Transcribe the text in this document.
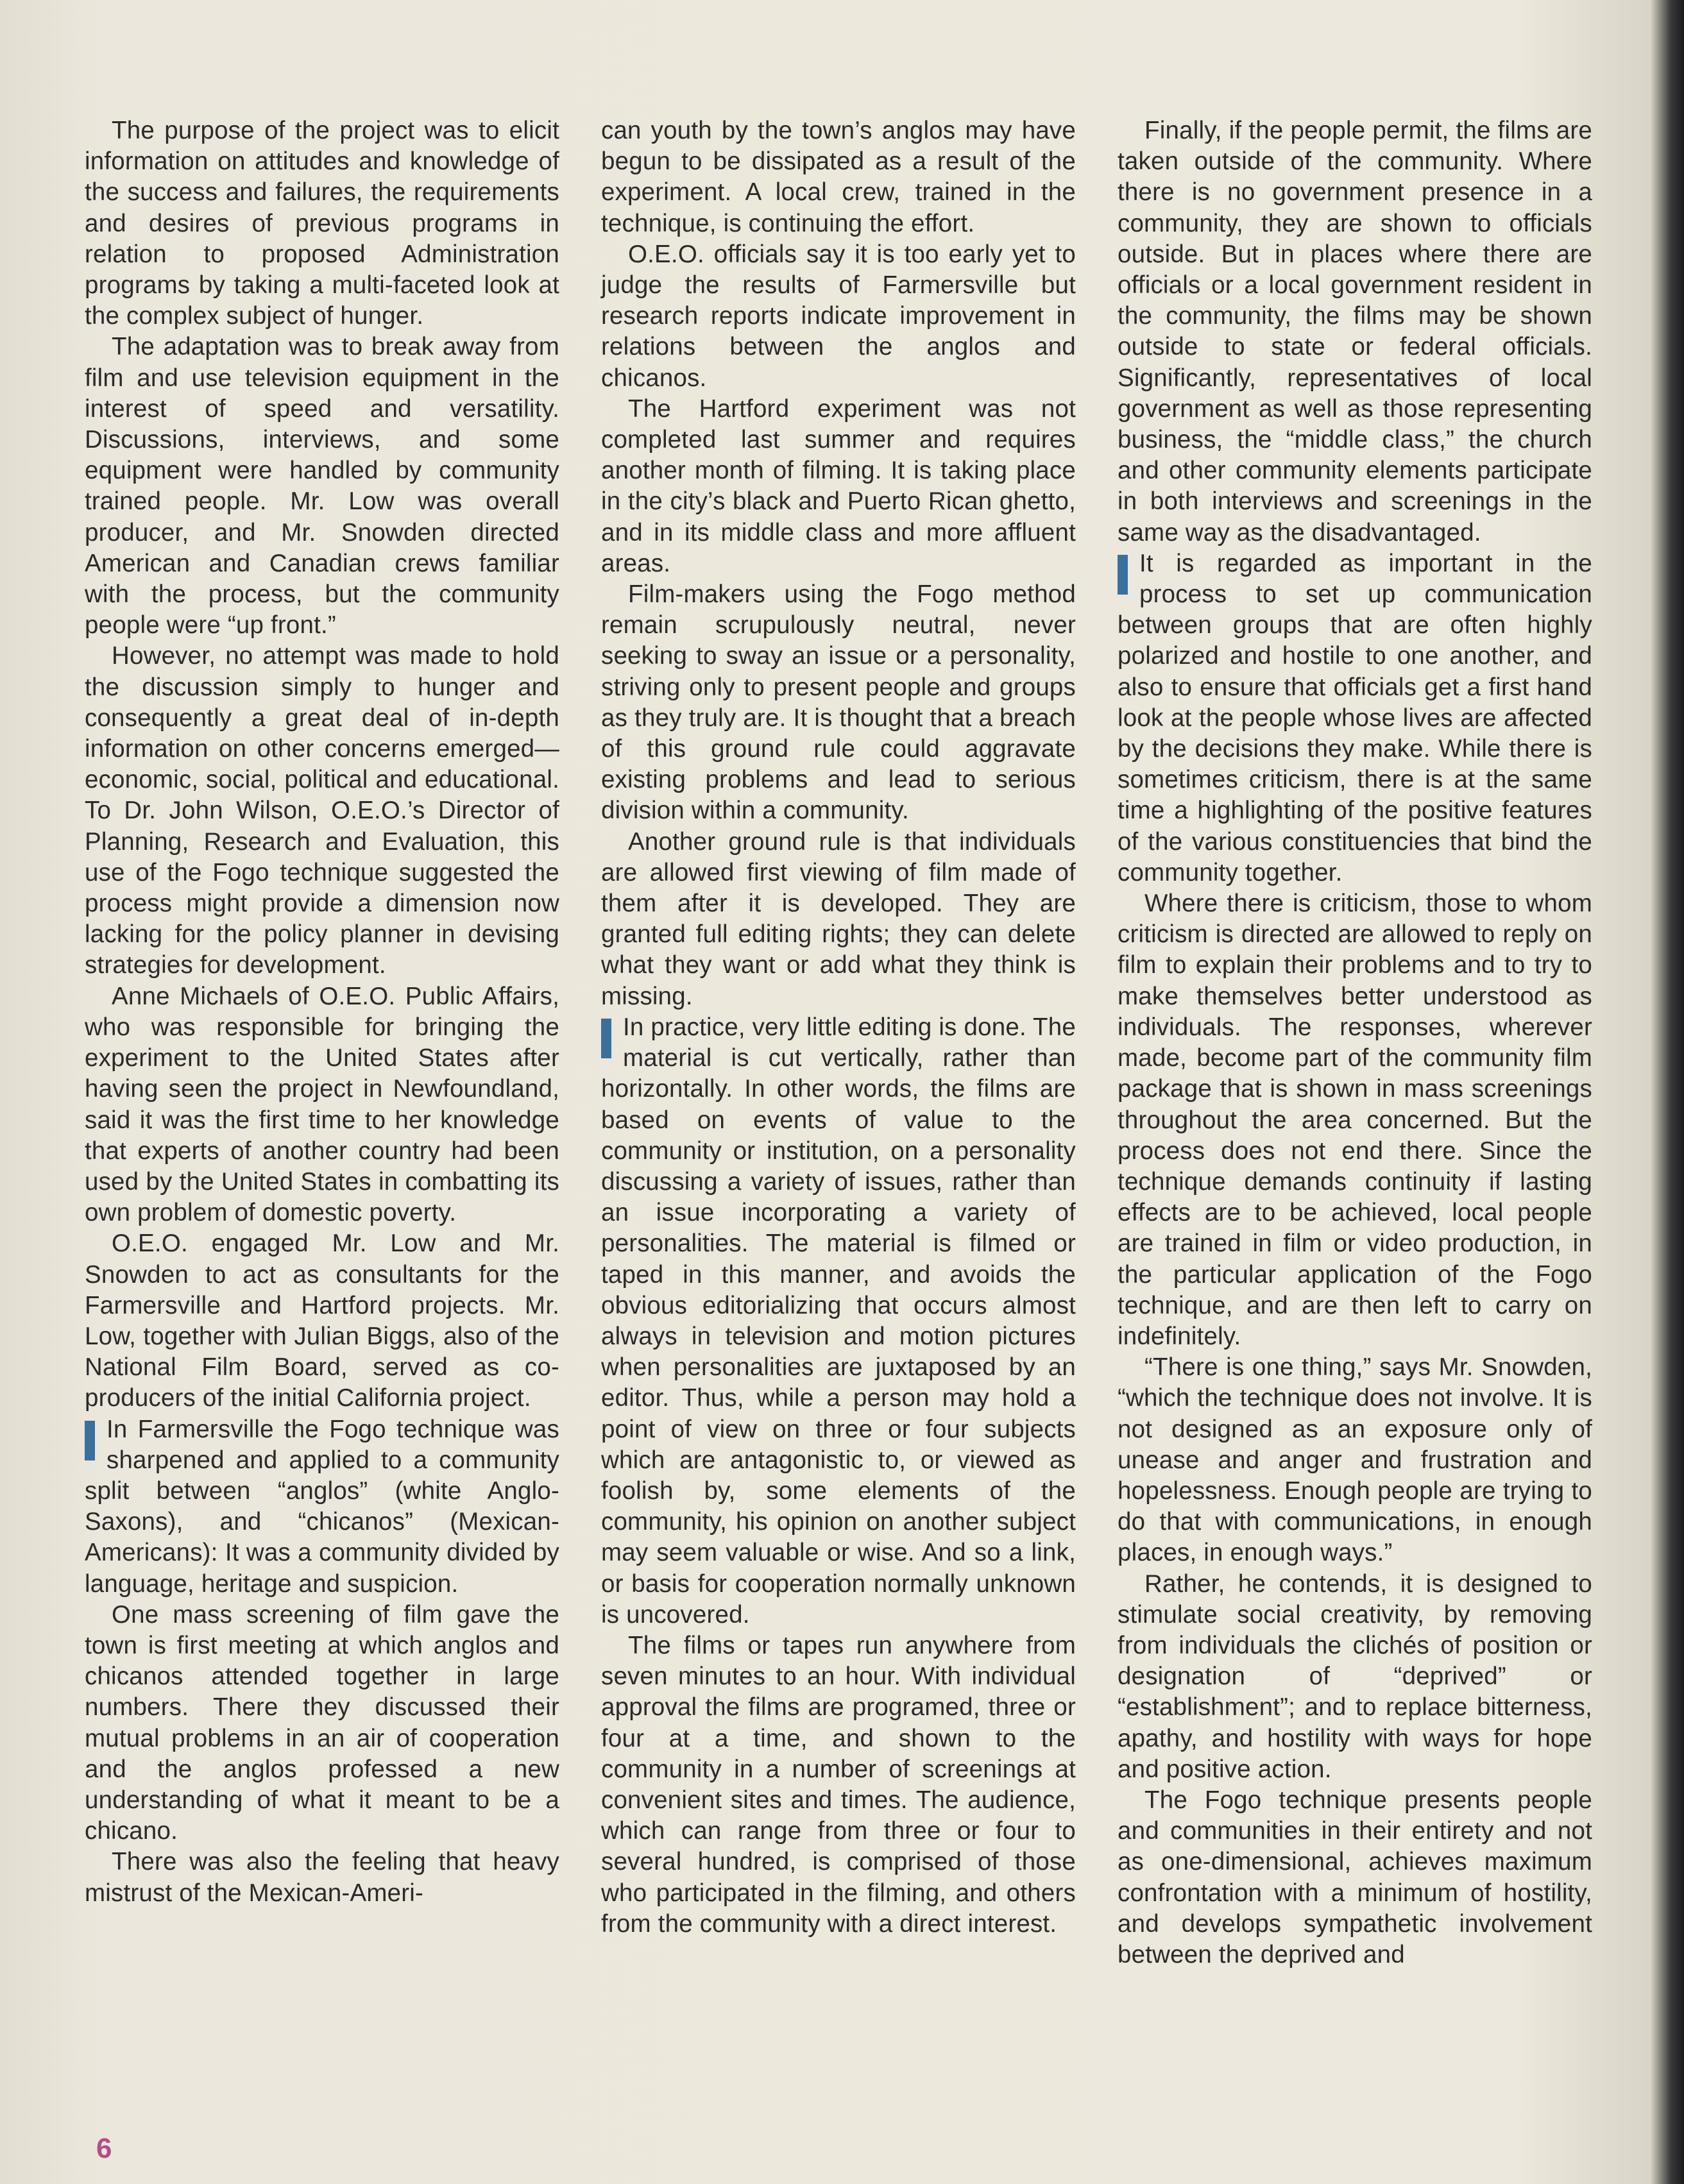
The purpose of the project was to elicit information on attitudes and knowledge of the success and failures, the requirements and desires of previous programs in relation to proposed Administration programs by taking a multi-faceted look at the complex subject of hunger.

The adaptation was to break away from film and use television equipment in the interest of speed and versatility. Discussions, interviews, and some equipment were handled by community trained people. Mr. Low was overall producer, and Mr. Snowden directed American and Canadian crews familiar with the process, but the community people were “up front.”

However, no attempt was made to hold the discussion simply to hunger and consequently a great deal of in-depth information on other concerns emerged—economic, social, political and educational. To Dr. John Wilson, O.E.O.’s Director of Planning, Research and Evaluation, this use of the Fogo technique suggested the process might provide a dimension now lacking for the policy planner in devising strategies for development.

Anne Michaels of O.E.O. Public Affairs, who was responsible for bringing the experiment to the United States after having seen the project in Newfoundland, said it was the first time to her knowledge that experts of another country had been used by the United States in combatting its own problem of domestic poverty.

O.E.O. engaged Mr. Low and Mr. Snowden to act as consultants for the Farmersville and Hartford projects. Mr. Low, together with Julian Biggs, also of the National Film Board, served as co-producers of the initial California project.

In Farmersville the Fogo technique was sharpened and applied to a community split between “anglos” (white Anglo-Saxons), and “chicanos” (Mexican-Americans): It was a community divided by language, heritage and suspicion.

One mass screening of film gave the town is first meeting at which anglos and chicanos attended together in large numbers. There they discussed their mutual problems in an air of cooperation and the anglos professed a new understanding of what it meant to be a chicano.

There was also the feeling that heavy mistrust of the Mexican-Ameri-

can youth by the town’s anglos may have begun to be dissipated as a result of the experiment. A local crew, trained in the technique, is continuing the effort.

O.E.O. officials say it is too early yet to judge the results of Farmersville but research reports indicate improvement in relations between the anglos and chicanos.

The Hartford experiment was not completed last summer and requires another month of filming. It is taking place in the city’s black and Puerto Rican ghetto, and in its middle class and more affluent areas.

Film-makers using the Fogo method remain scrupulously neutral, never seeking to sway an issue or a personality, striving only to present people and groups as they truly are. It is thought that a breach of this ground rule could aggravate existing problems and lead to serious division within a community.

Another ground rule is that individuals are allowed first viewing of film made of them after it is developed. They are granted full editing rights; they can delete what they want or add what they think is missing.

In practice, very little editing is done. The material is cut vertically, rather than horizontally. In other words, the films are based on events of value to the community or institution, on a personality discussing a variety of issues, rather than an issue incorporating a variety of personalities. The material is filmed or taped in this manner, and avoids the obvious editorializing that occurs almost always in television and motion pictures when personalities are juxtaposed by an editor. Thus, while a person may hold a point of view on three or four subjects which are antagonistic to, or viewed as foolish by, some elements of the community, his opinion on another subject may seem valuable or wise. And so a link, or basis for cooperation normally unknown is uncovered.

The films or tapes run anywhere from seven minutes to an hour. With individual approval the films are programed, three or four at a time, and shown to the community in a number of screenings at convenient sites and times. The audience, which can range from three or four to several hundred, is comprised of those who participated in the filming, and others from the community with a direct interest.

Finally, if the people permit, the films are taken outside of the community. Where there is no government presence in a community, they are shown to officials outside. But in places where there are officials or a local government resident in the community, the films may be shown outside to state or federal officials. Significantly, representatives of local government as well as those representing business, the “middle class,” the church and other community elements participate in both interviews and screenings in the same way as the disadvantaged.

It is regarded as important in the process to set up communication between groups that are often highly polarized and hostile to one another, and also to ensure that officials get a first hand look at the people whose lives are affected by the decisions they make. While there is sometimes criticism, there is at the same time a highlighting of the positive features of the various constituencies that bind the community together.

Where there is criticism, those to whom criticism is directed are allowed to reply on film to explain their problems and to try to make themselves better understood as individuals. The responses, wherever made, become part of the community film package that is shown in mass screenings throughout the area concerned. But the process does not end there. Since the technique demands continuity if lasting effects are to be achieved, local people are trained in film or video production, in the particular application of the Fogo technique, and are then left to carry on indefinitely.

“There is one thing,” says Mr. Snowden, “which the technique does not involve. It is not designed as an exposure only of unease and anger and frustration and hopelessness. Enough people are trying to do that with communications, in enough places, in enough ways.”

Rather, he contends, it is designed to stimulate social creativity, by removing from individuals the clichés of position or designation of “deprived” or “establishment”; and to replace bitterness, apathy, and hostility with ways for hope and positive action.

The Fogo technique presents people and communities in their entirety and not as one-dimensional, achieves maximum confrontation with a minimum of hostility, and develops sympathetic involvement between the deprived and

6
